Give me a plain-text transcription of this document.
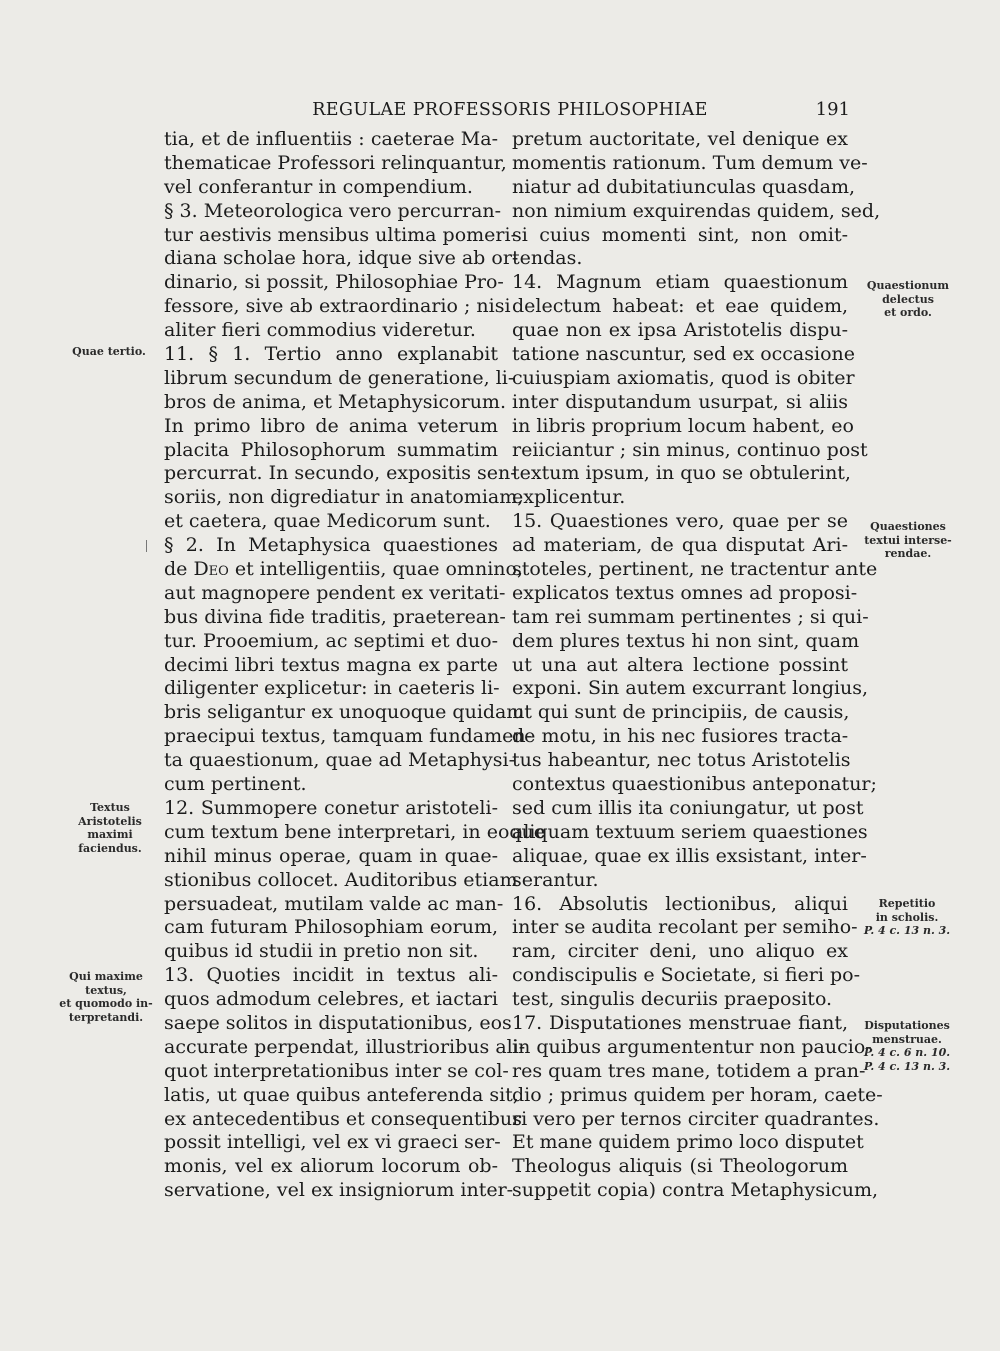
REGULAE PROFESSORIS PHILOSOPHIAE	191
tia, et de influentiis : caeterae Ma-
thematicae Professori relinquantur,
vel conferantur in compendium.
§ 3. Meteorologica vero percurran-
tur aestivis mensibus ultima pomeri-
diana scholae hora, idque sive ab or-
dinario, si possit, Philosophiae Pro-
fessore, sive ab extraordinario ; nisi
aliter fieri commodius videretur.
11. § 1. Tertio anno explanabit
librum secundum de generatione, li-
bros de anima, et Metaphysicorum.
In primo libro de anima veterum
placita Philosophorum summatim
percurrat. In secundo, expositis sen-
soriis, non digrediatur in anatomiam,
et caetera, quae Medicorum sunt.
§ 2. In Metaphysica quaestiones
de Deo et intelligentiis, quae omnino,
aut magnopere pendent ex veritati-
bus divina fide traditis, praeterean-
tur. Prooemium, ac septimi et duo-
decimi libri textus magna ex parte
diligenter explicetur: in caeteris li-
bris seligantur ex unoquoque quidam
praecipui textus, tamquam fundamen-
ta quaestionum, quae ad Metaphysi-
cum pertinent.
12. Summopere conetur aristoteli-
cum textum bene interpretari, in eoque
nihil minus operae, quam in quae-
stionibus collocet. Auditoribus etiam
persuadeat, mutilam valde ac man-
cam futuram Philosophiam eorum,
quibus id studii in pretio non sit.
13. Quoties incidit in textus ali-
quos admodum celebres, et iactari
saepe solitos in disputationibus, eos
accurate perpendat, illustrioribus ali-
quot interpretationibus inter se col-
latis, ut quae quibus anteferenda sit,
ex antecedentibus et consequentibus
possit intelligi, vel ex vi graeci ser-
monis, vel ex aliorum locorum ob-
servatione, vel ex insigniorum inter-
pretum auctoritate, vel denique ex
momentis rationum. Tum demum ve-
niatur ad dubitatiunculas quasdam,
non nimium exquirendas quidem, sed,
si cuius momenti sint, non omit-
tendas.
14. Magnum etiam quaestionum
delectum habeat: et eae quidem,
quae non ex ipsa Aristotelis dispu-
tatione nascuntur, sed ex occasione
cuiuspiam axiomatis, quod is obiter
inter disputandum usurpat, si aliis
in libris proprium locum habent, eo
reiiciantur ; sin minus, continuo post
textum ipsum, in quo se obtulerint,
explicentur.
15. Quaestiones vero, quae per se
ad materiam, de qua disputat Ari-
stoteles, pertinent, ne tractentur ante
explicatos textus omnes ad proposi-
tam rei summam pertinentes ; si qui-
dem plures textus hi non sint, quam
ut una aut altera lectione possint
exponi. Sin autem excurrant longius,
ut qui sunt de principiis, de causis,
de motu, in his nec fusiores tracta-
tus habeantur, nec totus Aristotelis
contextus quaestionibus anteponatur;
sed cum illis ita coniungatur, ut post
aliquam textuum seriem quaestiones
aliquae, quae ex illis exsistant, inter-
serantur.
16. Absolutis lectionibus, aliqui
inter se audita recolant per semiho-
ram, circiter deni, uno aliquo ex
condiscipulis e Societate, si fieri po-
test, singulis decuriis praeposito.
17. Disputationes menstruae fiant,
in quibus argumententur non paucio-
res quam tres mane, totidem a pran-
dio ; primus quidem per horam, caete-
ri vero per ternos circiter quadrantes.
Et mane quidem primo loco disputet
Theologus aliquis (si Theologorum
suppetit copia) contra Metaphysicum,
Quae tertio.
Textus
Aristotelis
maximi
faciendus.
Qui maxime
textus,
et quomodo in-
terpretandi.
Quaestionum
delectus
et ordo.
Quaestiones
textui interse-
rendae.
Repetitio
in scholis.
P. 4 c. 13 n. 3.
Disputationes
menstruae.
P. 4 c. 6 n. 10.
P. 4 c. 13 n. 3.
